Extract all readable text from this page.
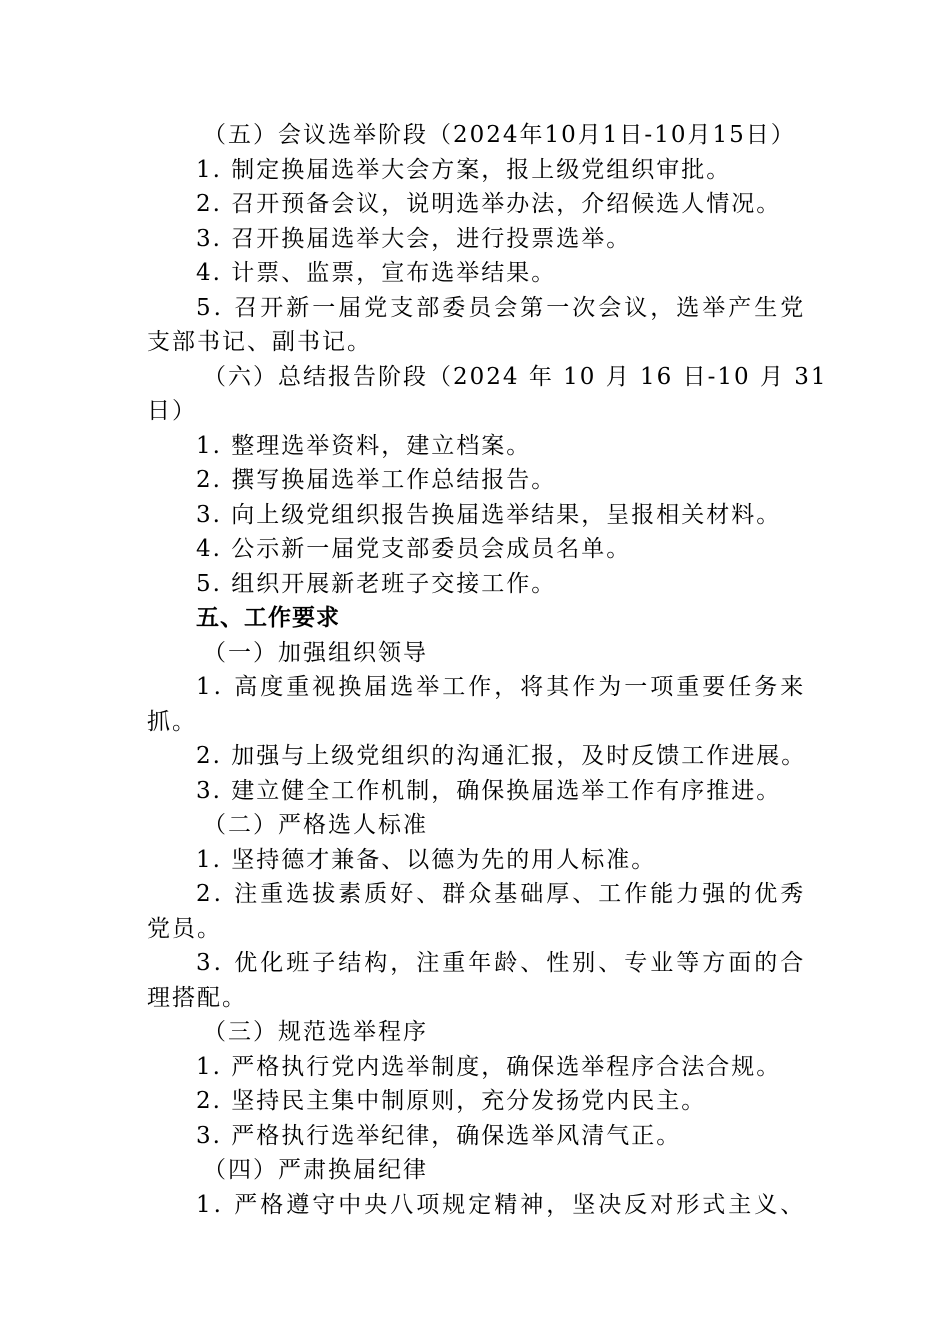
（五）会议选举阶段（2024年10月1日-10月15日）
1. 制定换届选举大会方案，报上级党组织审批。
2. 召开预备会议，说明选举办法，介绍候选人情况。
3. 召开换届选举大会，进行投票选举。
4. 计票、监票，宣布选举结果。
5. 召开新一届党支部委员会第一次会议，选举产生党
支部书记、副书记。
（六）总结报告阶段（2024 年 10 月 16 日-10 月 31
日）
1. 整理选举资料，建立档案。
2. 撰写换届选举工作总结报告。
3. 向上级党组织报告换届选举结果，呈报相关材料。
4. 公示新一届党支部委员会成员名单。
5. 组织开展新老班子交接工作。
五、工作要求
（一）加强组织领导
1. 高度重视换届选举工作，将其作为一项重要任务来
抓。
2. 加强与上级党组织的沟通汇报，及时反馈工作进展。
3. 建立健全工作机制，确保换届选举工作有序推进。
（二）严格选人标准
1. 坚持德才兼备、以德为先的用人标准。
2. 注重选拔素质好、群众基础厚、工作能力强的优秀
党员。
3. 优化班子结构，注重年龄、性别、专业等方面的合
理搭配。
（三）规范选举程序
1. 严格执行党内选举制度，确保选举程序合法合规。
2. 坚持民主集中制原则，充分发扬党内民主。
3. 严格执行选举纪律，确保选举风清气正。
（四）严肃换届纪律
1. 严格遵守中央八项规定精神，坚决反对形式主义、
